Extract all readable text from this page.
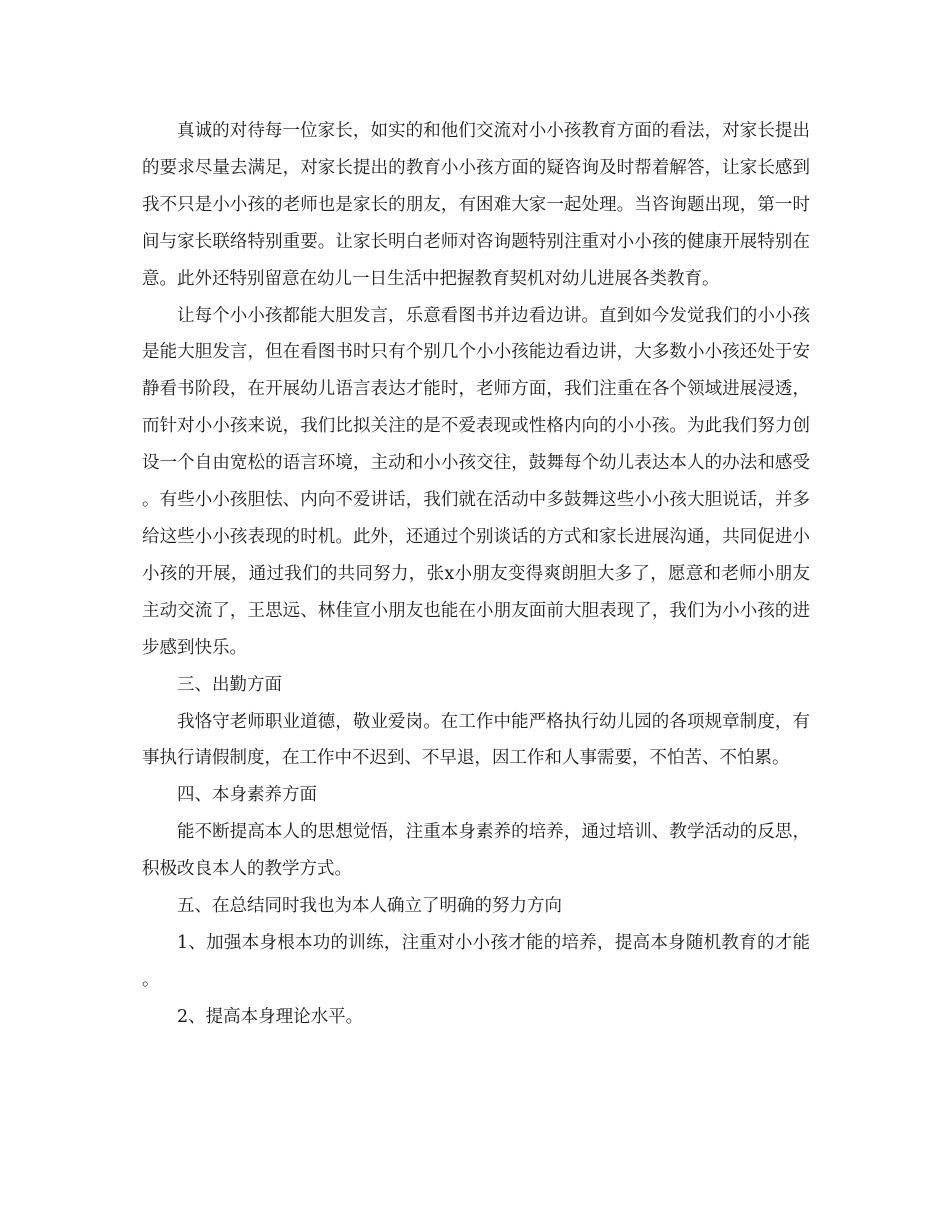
真诚的对待每一位家长，如实的和他们交流对小小孩教育方面的看法，对家长提出的要求尽量去满足，对家长提出的教育小小孩方面的疑咨询及时帮着解答，让家长感到我不只是小小孩的老师也是家长的朋友，有困难大家一起处理。当咨询题出现，第一时间与家长联络特别重要。让家长明白老师对咨询题特别注重对小小孩的健康开展特别在意。此外还特别留意在幼儿一日生活中把握教育契机对幼儿进展各类教育。

让每个小小孩都能大胆发言，乐意看图书并边看边讲。直到如今发觉我们的小小孩是能大胆发言，但在看图书时只有个别几个小小孩能边看边讲，大多数小小孩还处于安静看书阶段，在开展幼儿语言表达才能时，老师方面，我们注重在各个领域进展浸透，而针对小小孩来说，我们比拟关注的是不爱表现或性格内向的小小孩。为此我们努力创设一个自由宽松的语言环境，主动和小小孩交往，鼓舞每个幼儿表达本人的办法和感受。有些小小孩胆怯、内向不爱讲话，我们就在活动中多鼓舞这些小小孩大胆说话，并多给这些小小孩表现的时机。此外，还通过个别谈话的方式和家长进展沟通，共同促进小小孩的开展，通过我们的共同努力，张x小朋友变得爽朗胆大多了，愿意和老师小朋友主动交流了，王思远、林佳宣小朋友也能在小朋友面前大胆表现了，我们为小小孩的进步感到快乐。

三、出勤方面

我恪守老师职业道德，敬业爱岗。在工作中能严格执行幼儿园的各项规章制度，有事执行请假制度，在工作中不迟到、不早退，因工作和人事需要，不怕苦、不怕累。

四、本身素养方面

能不断提高本人的思想觉悟，注重本身素养的培养，通过培训、教学活动的反思，积极改良本人的教学方式。

五、在总结同时我也为本人确立了明确的努力方向

1、加强本身根本功的训练，注重对小小孩才能的培养，提高本身随机教育的才能。

2、提高本身理论水平。
